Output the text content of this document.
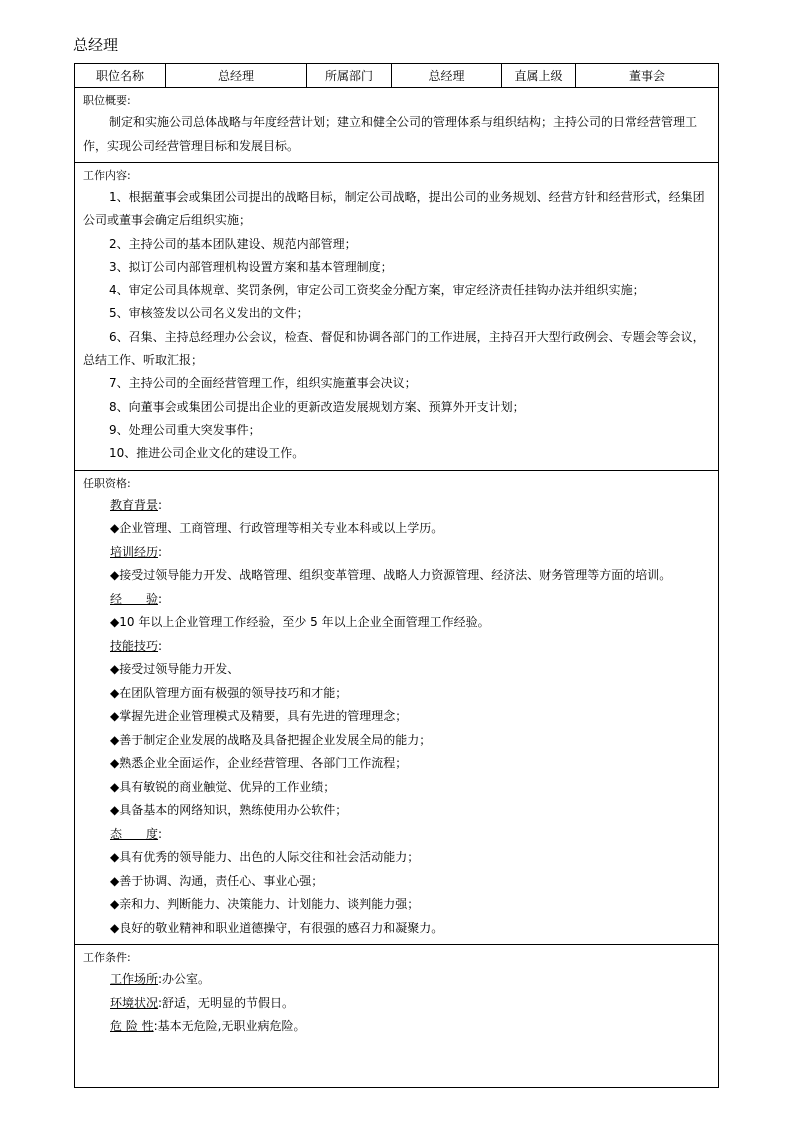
总经理
职位名称	总经理	所属部门	总经理	直属上级	董事会

职位概要:

制定和实施公司总体战略与年度经营计划；建立和健全公司的管理体系与组织结构；主持公司的日常经营管理工作，实现公司经营管理目标和发展目标。

工作内容:

1、根据董事会或集团公司提出的战略目标，制定公司战略，提出公司的业务规划、经营方针和经营形式，经集团公司或董事会确定后组织实施；

2、主持公司的基本团队建设、规范内部管理；

3、拟订公司内部管理机构设置方案和基本管理制度；

4、审定公司具体规章、奖罚条例，审定公司工资奖金分配方案，审定经济责任挂钩办法并组织实施；

5、审核签发以公司名义发出的文件；

6、召集、主持总经理办公会议，检查、督促和协调各部门的工作进展，主持召开大型行政例会、专题会等会议，总结工作、听取汇报；

7、主持公司的全面经营管理工作，组织实施董事会决议；

8、向董事会或集团公司提出企业的更新改造发展规划方案、预算外开支计划；

9、处理公司重大突发事件；

10、推进公司企业文化的建设工作。

任职资格:
教育背景:
◆企业管理、工商管理、行政管理等相关专业本科或以上学历。
培训经历:
◆接受过领导能力开发、战略管理、组织变革管理、战略人力资源管理、经济法、财务管理等方面的培训。
经　　验:
◆10 年以上企业管理工作经验，至少 5 年以上企业全面管理工作经验。
技能技巧:
◆接受过领导能力开发、
◆在团队管理方面有极强的领导技巧和才能；
◆掌握先进企业管理模式及精要，具有先进的管理理念；
◆善于制定企业发展的战略及具备把握企业发展全局的能力；
◆熟悉企业全面运作，企业经营管理、各部门工作流程；
◆具有敏锐的商业触觉、优异的工作业绩；
◆具备基本的网络知识，熟练使用办公软件；
态　　度:
◆具有优秀的领导能力、出色的人际交往和社会活动能力；
◆善于协调、沟通，责任心、事业心强；
◆亲和力、判断能力、决策能力、计划能力、谈判能力强；
◆良好的敬业精神和职业道德操守，有很强的感召力和凝聚力。

工作条件:
工作场所:办公室。
环境状况:舒适，无明显的节假日。
危 险 性:基本无危险,无职业病危险。
